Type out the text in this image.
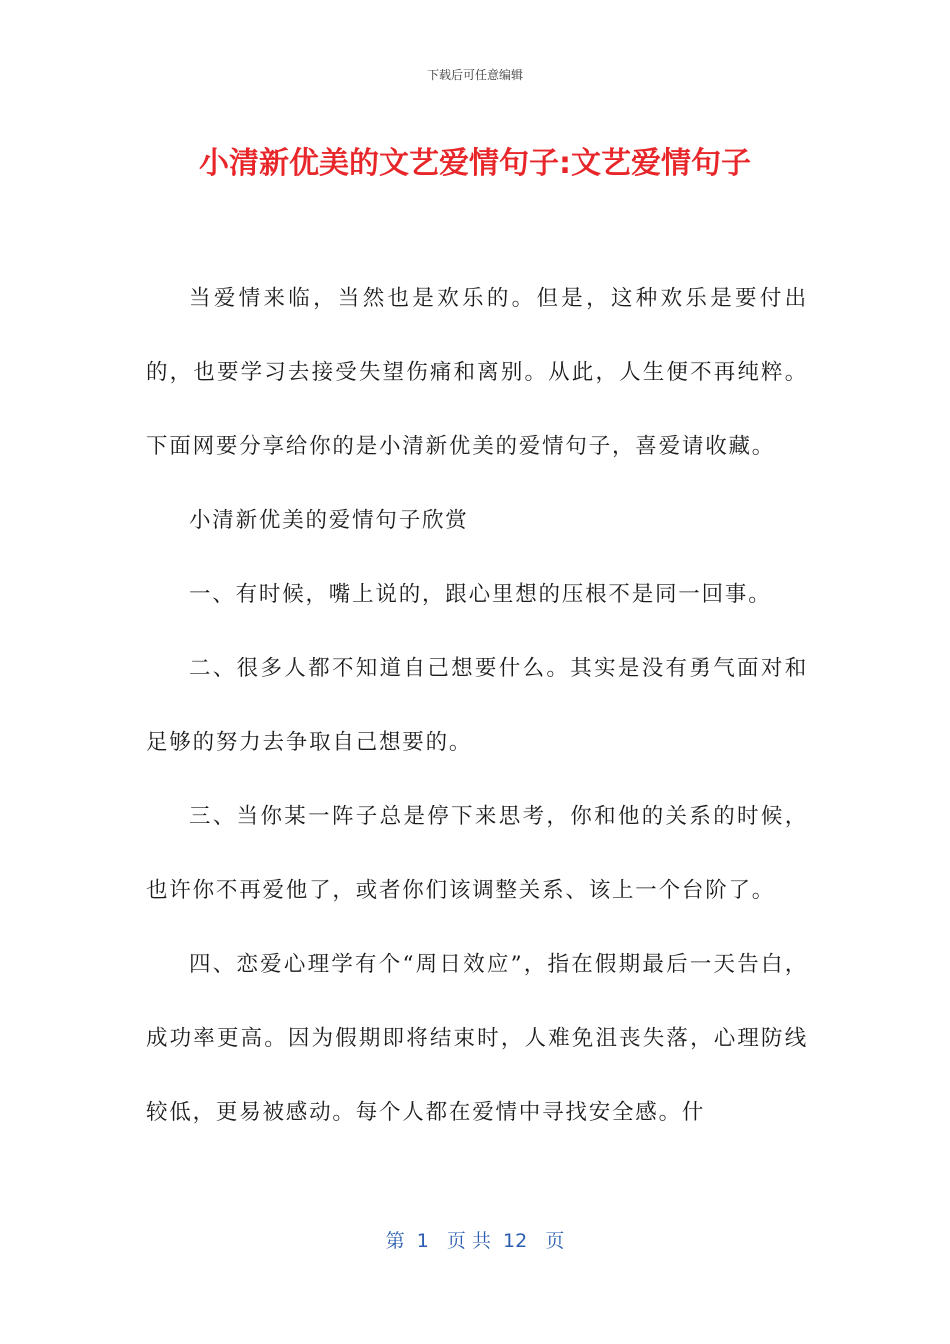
下载后可任意编辑
小清新优美的文艺爱情句子:文艺爱情句子

当爱情来临，当然也是欢乐的。但是，这种欢乐是要付出的，也要学习去接受失望伤痛和离别。从此，人生便不再纯粹。下面网要分享给你的是小清新优美的爱情句子，喜爱请收藏。

小清新优美的爱情句子欣赏

一、有时候，嘴上说的，跟心里想的压根不是同一回事。

二、很多人都不知道自己想要什么。其实是没有勇气面对和足够的努力去争取自己想要的。

三、当你某一阵子总是停下来思考，你和他的关系的时候，也许你不再爱他了，或者你们该调整关系、该上一个台阶了。

四、恋爱心理学有个“周日效应”，指在假期最后一天告白，成功率更高。因为假期即将结束时，人难免沮丧失落，心理防线较低，更易被感动。每个人都在爱情中寻找安全感。什

第  1   页 共  12   页
